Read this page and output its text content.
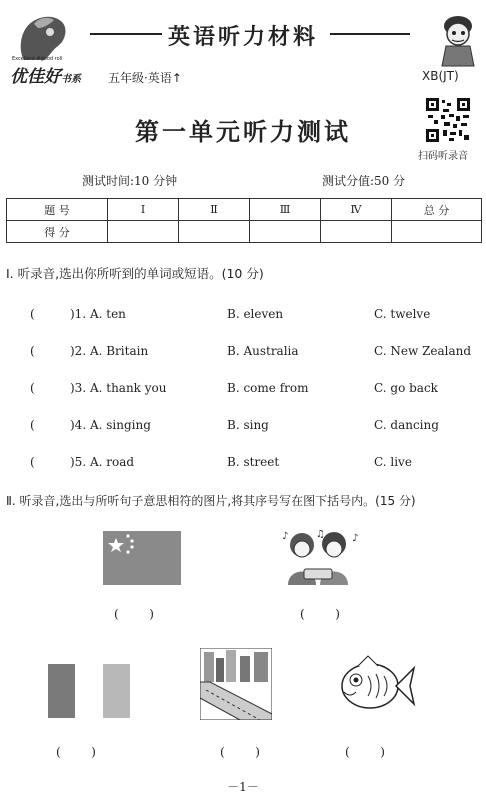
Excellent #good roll
优佳好书系
英语听力材料
五年级·英语↑	XB(JT)
第一单元听力测试
扫码听录音
测试时间:10 分钟	测试分值:50 分
题 号	Ⅰ	Ⅱ	Ⅲ	Ⅳ	总 分
得 分					
Ⅰ. 听录音,选出你所听到的单词或短语。(10 分)
(	)1. A. ten	B. eleven	C. twelve
(	)2. A. Britain	B. Australia	C. New Zealand
(	)3. A. thank you	B. come from	C. go back
(	)4. A. singing	B. sing	C. dancing
(	)5. A. road	B. street	C. live
Ⅱ. 听录音,选出与所听句子意思相符的图片,将其序号写在图下括号内。(15 分)
(        )
♪	♫	♪
(        )
(        )	(        )	(        )
－1－
